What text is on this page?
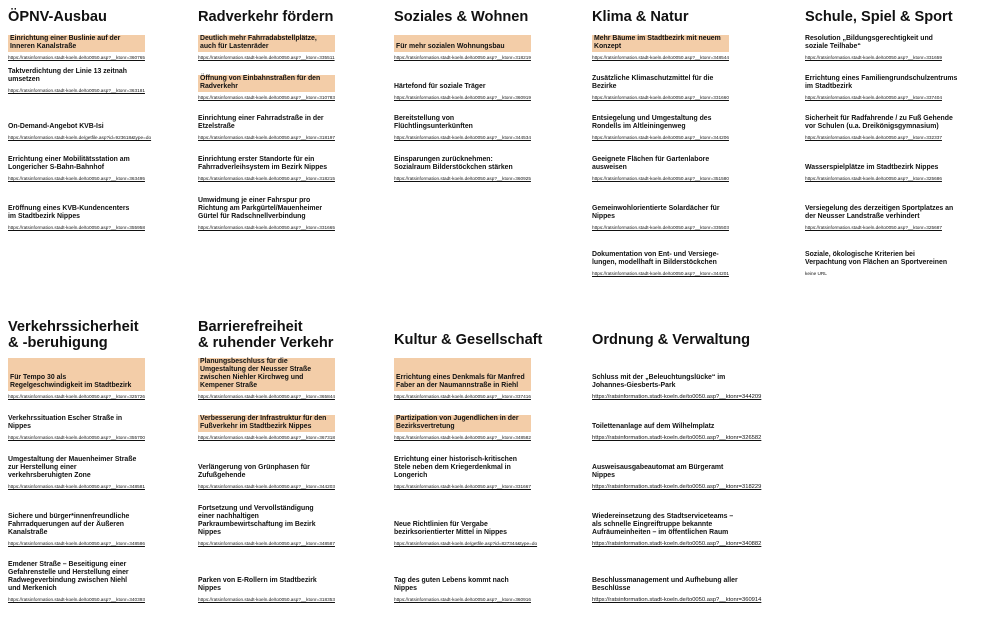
ÖPNV-Ausbau
Einrichtung einer Buslinie auf der
Inneren Kanalstraße
https://ratsinformation.stadt-koeln.de/to0050.asp?__ktonr=360765
Taktverdichtung der Linie 13 zeitnah
umsetzen
https://ratsinformation.stadt-koeln.de/to0050.asp?__ktonr=363181
On-Demand-Angebot KVB-Isi
https://ratsinformation.stadt-koeln.de/getfile.asp?id=923618&type=do
Errichtung einer Mobilitätsstation am
Longericher S-Bahn-Bahnhof
https://ratsinformation.stadt-koeln.de/to0050.asp?__ktonr=363495
Eröffnung eines KVB-Kundencenters
im Stadtbezirk Nippes
https://ratsinformation.stadt-koeln.de/to0050.asp?__ktonr=355958
Radverkehr fördern
Deutlich mehr Fahrradabstellplätze,
auch für Lastenräder
https://ratsinformation.stadt-koeln.de/to0050.asp?__ktonr=335511
Öffnung von Einbahnstraßen für den
Radverkehr
https://ratsinformation.stadt-koeln.de/to0050.asp?__ktonr=310783
Einrichtung einer Fahrradstraße in der
Etzelstraße
https://ratsinformation.stadt-koeln.de/to0050.asp?__ktonr=318197
Einrichtung erster Standorte für ein
Fahrradverleihsystem im Bezirk Nippes
https://ratsinformation.stadt-koeln.de/to0050.asp?__ktonr=318215
Umwidmung je einer Fahrspur pro
Richtung am Parkgürtel/Mauenheimer
Gürtel für Radschnellverbindung
https://ratsinformation.stadt-koeln.de/to0050.asp?__ktonr=331665
Soziales & Wohnen
Für mehr sozialen Wohnungsbau
https://ratsinformation.stadt-koeln.de/to0050.asp?__ktonr=318219
Härtefond für soziale Träger
https://ratsinformation.stadt-koeln.de/to0050.asp?__ktonr=360919
Bereitstellung von
Flüchtlingsunterkünften
https://ratsinformation.stadt-koeln.de/to0050.asp?__ktonr=344534
Einsparungen zurücknehmen:
Sozialraum Bilderstöckchen stärken
https://ratsinformation.stadt-koeln.de/to0050.asp?__ktonr=360925
Klima & Natur
Mehr Bäume im Stadtbezirk mit neuem
Konzept
https://ratsinformation.stadt-koeln.de/to0050.asp?__ktonr=348544
Zusätzliche Klimaschutzmittel für die
Bezirke
https://ratsinformation.stadt-koeln.de/to0050.asp?__ktonr=331660
Entsiegelung und Umgestaltung des
Rondells im Altleiningenweg
https://ratsinformation.stadt-koeln.de/to0050.asp?__ktonr=344206
Geeignete Flächen für Gartenlabore
ausweisen
https://ratsinformation.stadt-koeln.de/to0050.asp?__ktonr=351580
Gemeinwohlorientierte Solardächer für
Nippes
https://ratsinformation.stadt-koeln.de/to0050.asp?__ktonr=335503
Dokumentation von Ent- und Versiege-
lungen, modellhaft in Bilderstöckchen
https://ratsinformation.stadt-koeln.de/to0050.asp?__ktonr=344201
Schule, Spiel & Sport
Resolution „Bildungsgerechtigkeit und
soziale Teilhabe“
https://ratsinformation.stadt-koeln.de/to0050.asp?__ktonr=331659
Errichtung eines Familiengrundschulzentrums
im Stadtbezirk
https://ratsinformation.stadt-koeln.de/to0050.asp?__ktonr=337404
Sicherheit für Radfahrende / zu Fuß Gehende
vor Schulen (u.a. Dreikönigsgymnasium)
https://ratsinformation.stadt-koeln.de/to0050.asp?__ktonr=332337
Wasserspielplätze im Stadtbezirk Nippes
https://ratsinformation.stadt-koeln.de/to0050.asp?__ktonr=325686
Versiegelung des derzeitigen Sportplatzes an
der Neusser Landstraße verhindert
https://ratsinformation.stadt-koeln.de/to0050.asp?__ktonr=325687
Soziale, ökologische Kriterien bei
Verpachtung von Flächen an Sportvereinen
keine URL
Verkehrssicherheit
& -beruhigung
Für Tempo 30 als
Regelgeschwindigkeit im Stadtbezirk
https://ratsinformation.stadt-koeln.de/to0050.asp?__ktonr=325726
Verkehrssituation Escher Straße in
Nippes
https://ratsinformation.stadt-koeln.de/to0050.asp?__ktonr=355700
Umgestaltung der Mauenheimer Straße
zur Herstellung einer
verkehrsberuhigten Zone
https://ratsinformation.stadt-koeln.de/to0050.asp?__ktonr=348581
Sichere und bürger*innenfreundliche
Fahrradquerungen auf der Äußeren
Kanalstraße
https://ratsinformation.stadt-koeln.de/to0050.asp?__ktonr=348586
Emdener Straße – Beseitigung einer
Gefahrenstelle und Herstellung einer
Radwegeverbindung zwischen Niehl
und Merkenich
https://ratsinformation.stadt-koeln.de/to0050.asp?__ktonr=340393
Barrierefreiheit
& ruhender Verkehr
Planungsbeschluss für die
Umgestaltung der Neusser Straße
zwischen Niehler Kirchweg und
Kempener Straße
https://ratsinformation.stadt-koeln.de/to0050.asp?__ktonr=365844
Verbesserung der Infrastruktur für den
Fußverkehr im Stadtbezirk Nippes
https://ratsinformation.stadt-koeln.de/to0050.asp?__ktonr=367318
Verlängerung von Grünphasen für
Zufußgehende
https://ratsinformation.stadt-koeln.de/to0050.asp?__ktonr=344203
Fortsetzung und Vervollständigung
einer nachhaltigen
Parkraumbewirtschaftung im Bezirk
Nippes
https://ratsinformation.stadt-koeln.de/to0050.asp?__ktonr=348587
Parken von E-Rollern im Stadtbezirk
Nippes
https://ratsinformation.stadt-koeln.de/to0050.asp?__ktonr=318353
Kultur & Gesellschaft
Errichtung eines Denkmals für Manfred
Faber an der Naumannstraße in Riehl
https://ratsinformation.stadt-koeln.de/to0050.asp?__ktonr=337416
Partizipation von Jugendlichen in der
Bezirksvertretung
https://ratsinformation.stadt-koeln.de/to0050.asp?__ktonr=348582
Errichtung einer historisch-kritischen
Stele neben dem Kriegerdenkmal in
Longerich
https://ratsinformation.stadt-koeln.de/to0050.asp?__ktonr=331667
Neue Richtlinien für Vergabe
bezirksorientierter Mittel in Nippes
https://ratsinformation.stadt-koeln.de/getfile.asp?id=827344&type=do
Tag des guten Lebens kommt nach
Nippes
https://ratsinformation.stadt-koeln.de/to0050.asp?__ktonr=360916
Ordnung & Verwaltung
Schluss mit der „Beleuchtungslücke“ im
Johannes-Giesberts-Park
https://ratsinformation.stadt-koeln.de/to0050.asp?__ktonr=344209
Toilettenanlage auf dem Wilhelmplatz
https://ratsinformation.stadt-koeln.de/to0050.asp?__ktonr=326582
Ausweisausgabeautomat am Bürgeramt
Nippes
https://ratsinformation.stadt-koeln.de/to0050.asp?__ktonr=318229
Wiedereinsetzung des Stadtserviceteams –
als schnelle Eingreiftruppe bekannte
Aufräumeinheiten – im öffentlichen Raum
https://ratsinformation.stadt-koeln.de/to0050.asp?__ktonr=340882
Beschlussmanagement und Aufhebung aller
Beschlüsse
https://ratsinformation.stadt-koeln.de/to0050.asp?__ktonr=360914
